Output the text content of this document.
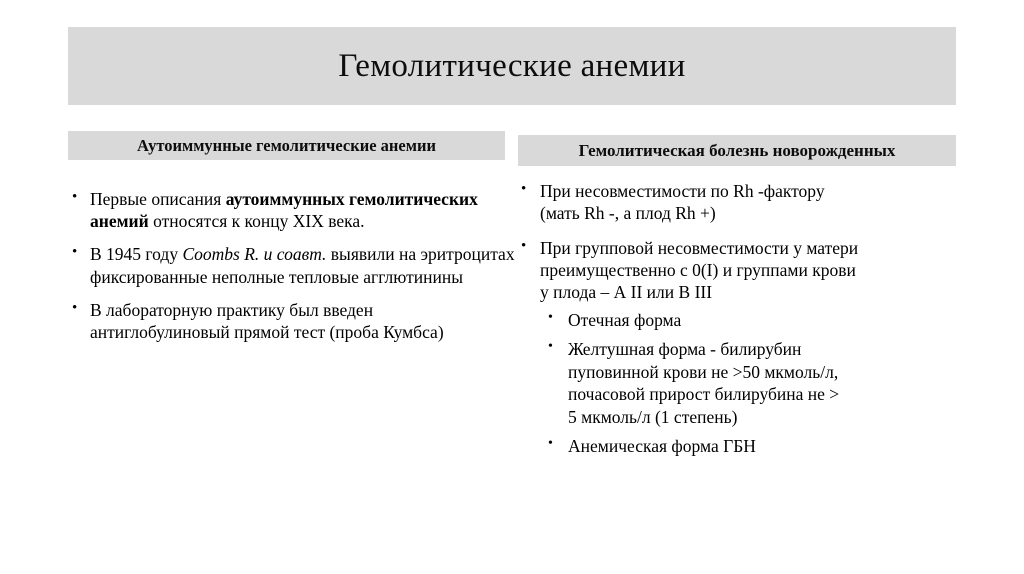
Гемолитические анемии
Аутоиммунные гемолитические анемии	Гемолитическая болезнь новорожденных
• Первые описания аутоиммунных гемолитических анемий относятся к концу XIX века.
• В 1945 году Coombs R. и соавт. выявили на эритроцитах фиксированные неполные тепловые агглютинины
• В лабораторную практику был введен антиглобулиновый прямой тест (проба Кумбса)
• При несовместимости по Rh -фактору
(мать Rh -, а плод Rh +)
• При групповой несовместимости у матери
преимущественно с 0(I) и группами крови
у плода – А II или В III
• Отечная форма
• Желтушная форма - билирубин
пуповинной крови не >50 мкмоль/л,
почасовой прирост билирубина не >
5 мкмоль/л (1 степень)
• Анемическая форма ГБН
